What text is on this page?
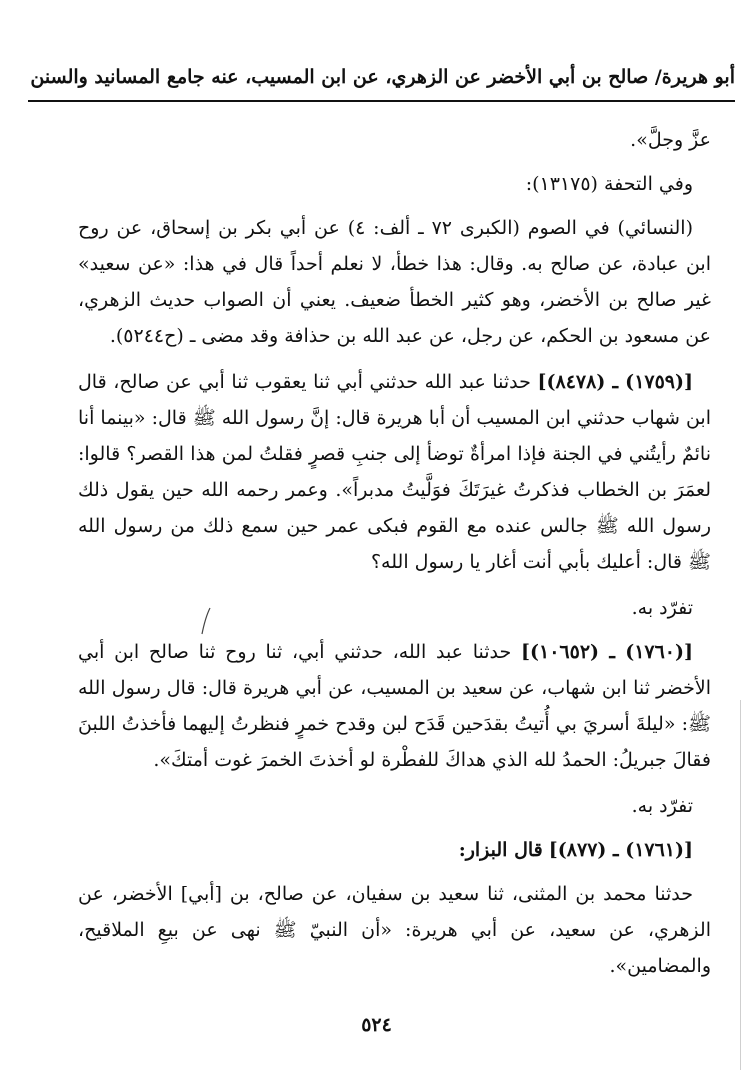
أبو هريرة/ صالح بن أبي الأخضر عن الزهري، عن ابن المسيب، عنه جامع المسانيد والسنن

عزَّ وجلَّ».

وفي التحفة (١٣١٧٥):

(النسائي) في الصوم (الكبرى ٧٢ ـ ألف: ٤) عن أبي بكر بن إسحاق، عن روح ابن عبادة، عن صالح به. وقال: هذا خطأ، لا نعلم أحداً قال في هذا: «عن سعيد» غير صالح بن الأخضر، وهو كثير الخطأ ضعيف. يعني أن الصواب حديث الزهري، عن مسعود بن الحكم، عن رجل، عن عبد الله بن حذافة وقد مضى ـ (ح٥٢٤٤).

[(١٧٥٩) ـ (٨٤٧٨)] حدثنا عبد الله حدثني أبي ثنا يعقوب ثنا أبي عن صالح، قال ابن شهاب حدثني ابن المسيب أن أبا هريرة قال: إنَّ رسول الله ﷺ قال: «بينما أنا نائمٌ رأيتُني في الجنة فإذا امرأةٌ توضأ إلى جنبِ قصرٍ فقلتُ لمن هذا القصر؟ قالوا: لعمَرَ بن الخطاب فذكرتُ غيرَتَكَ فوَلَّيتُ مدبراً». وعمر رحمه الله حين يقول ذلك رسول الله ﷺ جالس عنده مع القوم فبكى عمر حين سمع ذلك من رسول الله ﷺ قال: أعليك بأبي أنت أغار يا رسول الله؟

تفرّد به.

[(١٧٦٠) ـ (١٠٦٥٢)] حدثنا عبد الله، حدثني أبي، ثنا روح ثنا صالح ابن أبي الأخضر ثنا ابن شهاب، عن سعيد بن المسيب، عن أبي هريرة قال: قال رسول الله ﷺ: «ليلةَ أسريَ بي أُتيتُ بقدَحين قَدَح لبن وقدح خمرٍ فنظرتُ إليهما فأخذتُ اللبنَ فقالَ جبريلُ: الحمدُ لله الذي هداكَ للفطْرة لو أخذتَ الخمرَ غوت أمتكَ».

تفرّد به.

[(١٧٦١) ـ (٨٧٧)] قال البزار:

حدثنا محمد بن المثنى، ثنا سعيد بن سفيان، عن صالح، بن [أبي] الأخضر، عن الزهري، عن سعيد، عن أبي هريرة: «أن النبيّ ﷺ نهى عن بيعِ الملاقيح، والمضامين».

٥٢٤
